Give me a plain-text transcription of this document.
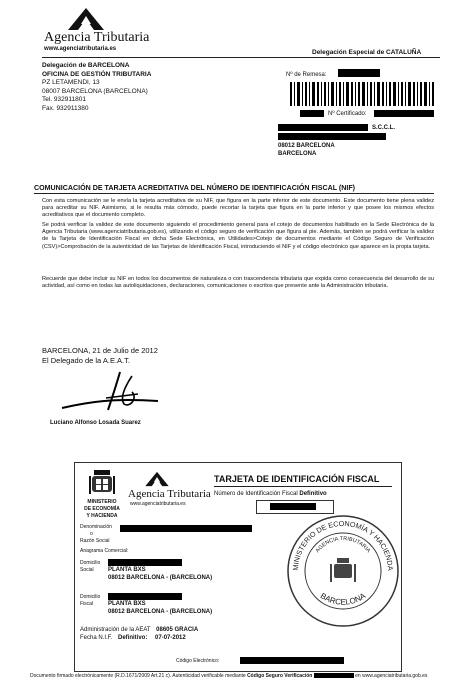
Agencia Tributaria
www.agenciatributaria.es	Delegación Especial de CATALUÑA
Delegación de BARCELONA
OFICINA DE GESTIÓN TRIBUTARIA
PZ LETAMENDI, 13
08007 BARCELONA (BARCELONA)
Tel. 932911801
Fax. 932911380
Nº de Remesa:
Nº Certificado:
S.C.C.L.
08012 BARCELONA
BARCELONA
COMUNICACIÓN DE TARJETA ACREDITATIVA DEL NÚMERO DE IDENTIFICACIÓN FISCAL (NIF)
Con esta comunicación se le envía la tarjeta acreditativa de su NIF, que figura en la parte inferior de este documento. Este documento tiene plena validez para acreditar su NIF. Asimismo, si le resulta más cómodo, puede recortar la tarjeta que figura en la parte inferior y que posee los mismos efectos acreditativos que el documento completo.
Se podrá verificar la validez de este documento siguiendo el procedimiento general para el cotejo de documentos habilitado en la Sede Electrónica de la Agencia Tributaria (www.agenciatributaria.gob.es), utilizando el código seguro de verificación que figura al pie. Además, también se podrá verificar la validez de la Tarjeta de Identificación Fiscal en dicha Sede Electrónica, en Utilidades>Cotejo de documentos mediante el Código Seguro de Verificación (CSV)>Comprobación de la autenticidad de las Tarjetas de Identificación Fiscal, introduciendo el NIF y el código electrónico que aparece en la propia tarjeta.
Recuerde que debe incluir su NIF en todos los documentos de naturaleza o con trascendencia tributaria que expida como consecuencia del desarrollo de su actividad, así como en todas las autoliquidaciones, declaraciones, comunicaciones o escritos que presente ante la Administración tributaria.
BARCELONA, 21 de Julio de 2012
El Delegado de la A.E.A.T.
Luciano Alfonso Losada Suarez
MINISTERIO
DE ECONOMÍA
Y HACIENDA
Agencia Tributaria
www.agenciatributaria.es
TARJETA DE IDENTIFICACIÓN FISCAL
Número de Identificación Fiscal Definitivo
Denominación
o
Razón Social
Anagrama Comercial:
Domicilio
Social	PLANTA BXS
08012 BARCELONA - (BARCELONA)
Domicilio
Fiscal	PLANTA BXS
08012 BARCELONA - (BARCELONA)
Administración de la AEAT 08605 GRACIA
Fecha N.I.F. Definitivo: 07-07-2012
Código Electrónico:
MINISTERIO DE ECONOMÍA Y HACIENDA
AGENCIA TRIBUTARIA
BARCELONA
Documento firmado electrónicamente (R.D.1671/2009 Art.21 c). Autenticidad verificable mediante Código Seguro Verificación	en www.agenciatributaria.gob.es
